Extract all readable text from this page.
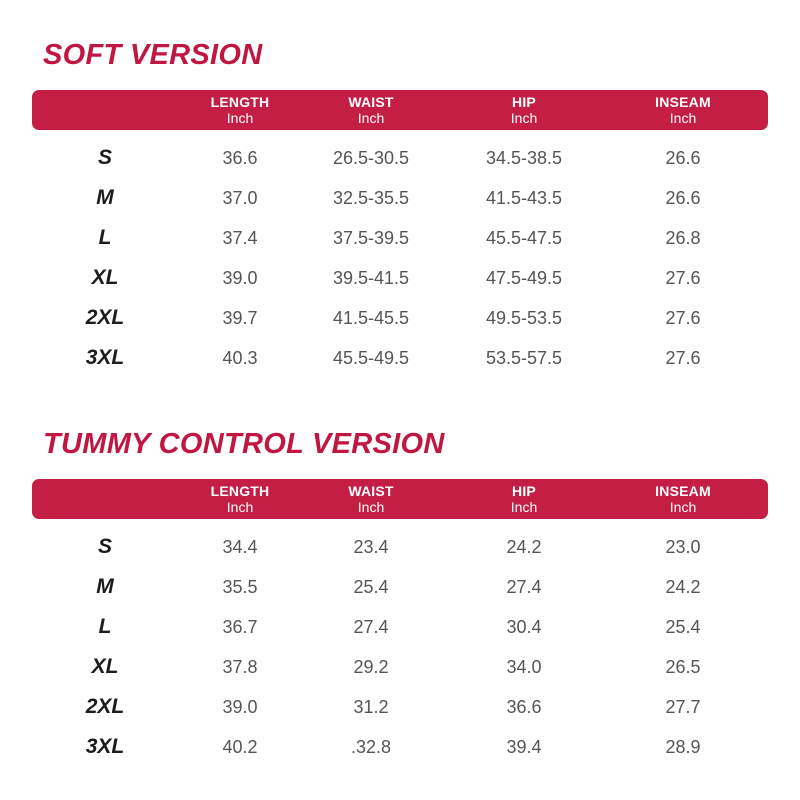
SOFT VERSION
LENGTH
Inch
WAIST
Inch
HIP
Inch
INSEAM
Inch
S	36.6	26.5-30.5	34.5-38.5	26.6
M	37.0	32.5-35.5	41.5-43.5	26.6
L	37.4	37.5-39.5	45.5-47.5	26.8
XL	39.0	39.5-41.5	47.5-49.5	27.6
2XL	39.7	41.5-45.5	49.5-53.5	27.6
3XL	40.3	45.5-49.5	53.5-57.5	27.6
TUMMY CONTROL VERSION
LENGTH
Inch
WAIST
Inch
HIP
Inch
INSEAM
Inch
S	34.4	23.4	24.2	23.0
M	35.5	25.4	27.4	24.2
L	36.7	27.4	30.4	25.4
XL	37.8	29.2	34.0	26.5
2XL	39.0	31.2	36.6	27.7
3XL	40.2	.32.8	39.4	28.9
